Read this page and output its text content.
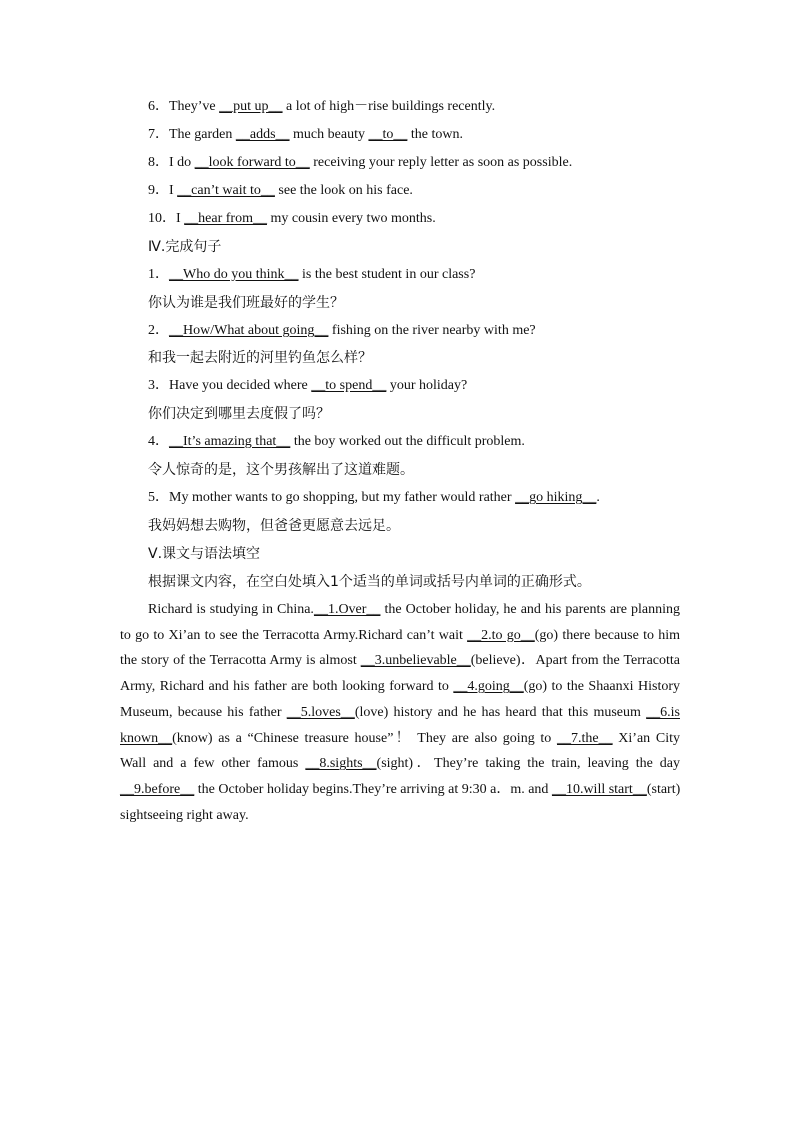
6．They’ve __put up__ a lot of high－rise buildings recently.
7．The garden __adds__ much beauty __to__ the town.
8．I do __look forward to__ receiving your reply letter as soon as possible.
9．I __can’t wait to__ see the look on his face.
10．I __hear from__ my cousin every two months.
Ⅳ.完成句子
1．__Who do you think__ is the best student in our class?
你认为谁是我们班最好的学生？
2．__How/What about going__ fishing on the river nearby with me?
和我一起去附近的河里钓鱼怎么样？
3．Have you decided where __to spend__ your holiday?
你们决定到哪里去度假了吗？
4．__It’s amazing that__ the boy worked out the difficult problem.
令人惊奇的是，这个男孩解出了这道难题。
5．My mother wants to go shopping, but my father would rather __go hiking__.
我妈妈想去购物，但爸爸更愿意去远足。
Ⅴ.课文与语法填空
根据课文内容，在空白处填入1个适当的单词或括号内单词的正确形式。
Richard is studying in China.__1.Over__ the October holiday, he and his parents are planning
to go to Xi’an to see the Terracotta Army.Richard can’t wait __2.to go__(go) there because to him
the story of the Terracotta Army is almost __3.unbelievable__(believe)．Apart from the Terracotta
Army, Richard and his father are both looking forward to __4.going__(go) to the Shaanxi History
Museum, because his father __5.loves__(love) history and he has heard that this museum __6.is
known__(know) as a “Chinese treasure house”！ They are also going to __7.the__ Xi’an City
Wall and a few other famous __8.sights__(sight)．They’re taking the train, leaving the day
__9.before__ the October holiday begins.They’re arriving at 9:30 a．m. and __10.will start__(start)
sightseeing right away.
